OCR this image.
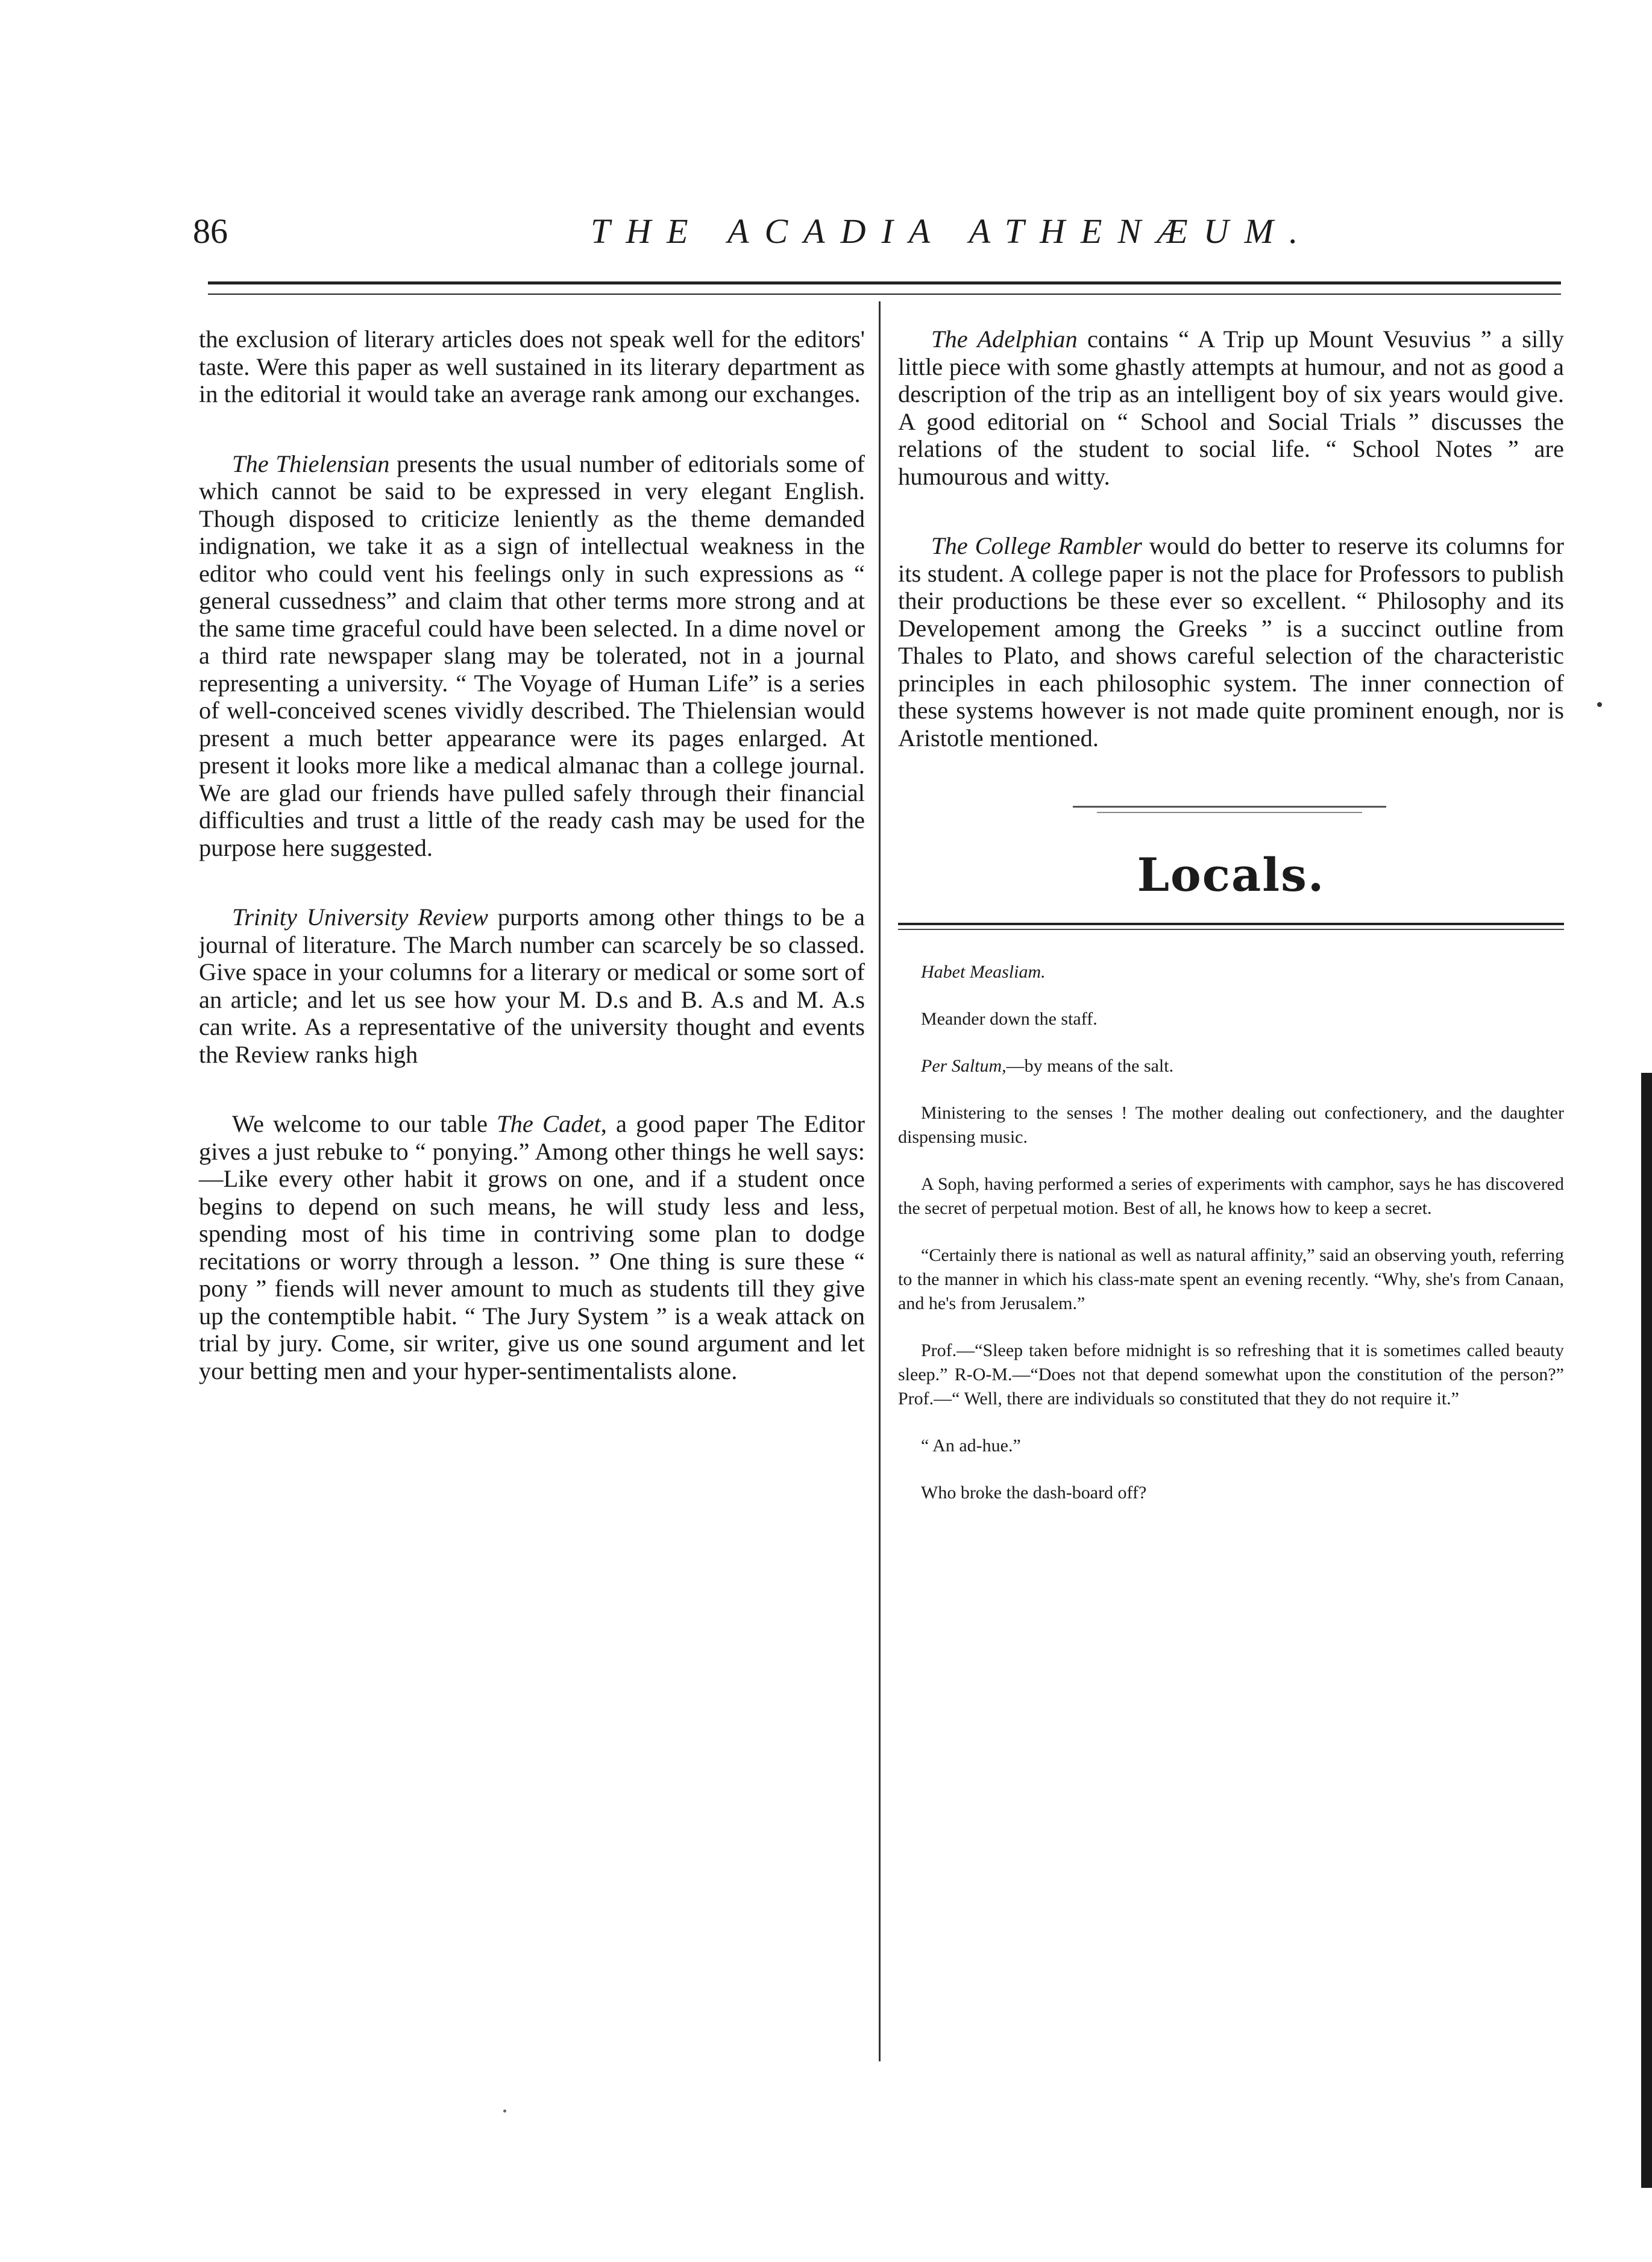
86	THE ACADIA ATHENÆUM.

the exclusion of literary articles does not speak well for the editors' taste. Were this paper as well sustained in its literary department as in the editorial it would take an average rank among our exchanges.

The Thielensian presents the usual number of editorials some of which cannot be said to be expressed in very elegant English. Though disposed to criticize leniently as the theme demanded indignation, we take it as a sign of intellectual weakness in the editor who could vent his feelings only in such expressions as “ general cussedness” and claim that other terms more strong and at the same time graceful could have been selected. In a dime novel or a third rate newspaper slang may be tolerated, not in a journal representing a university. “ The Voyage of Human Life” is a series of well-conceived scenes vividly described. The Thielensian would present a much better appearance were its pages enlarged. At present it looks more like a medical almanac than a college journal. We are glad our friends have pulled safely through their financial difficulties and trust a little of the ready cash may be used for the purpose here suggested.

Trinity University Review purports among other things to be a journal of literature. The March number can scarcely be so classed. Give space in your columns for a literary or medical or some sort of an article; and let us see how your M. D.s and B. A.s and M. A.s can write. As a representative of the university thought and events the Review ranks high

We welcome to our table The Cadet, a good paper The Editor gives a just rebuke to “ ponying.” Among other things he well says:—Like every other habit it grows on one, and if a student once begins to depend on such means, he will study less and less, spending most of his time in contriving some plan to dodge recitations or worry through a lesson. ” One thing is sure these “ pony ” fiends will never amount to much as students till they give up the contemptible habit. “ The Jury System ” is a weak attack on trial by jury. Come, sir writer, give us one sound argument and let your betting men and your hyper-sentimentalists alone.

The Adelphian contains “ A Trip up Mount Vesuvius ” a silly little piece with some ghastly attempts at humour, and not as good a description of the trip as an intelligent boy of six years would give. A good editorial on “ School and Social Trials ” discusses the relations of the student to social life. “ School Notes ” are humourous and witty.

The College Rambler would do better to reserve its columns for its student. A college paper is not the place for Professors to publish their productions be these ever so excellent. “ Philosophy and its Developement among the Greeks ” is a succinct outline from Thales to Plato, and shows careful selection of the characteristic principles in each philosophic system. The inner connection of these systems however is not made quite prominent enough, nor is Aristotle mentioned.

Locals.

Habet Measliam.

Meander down the staff.

Per Saltum,—by means of the salt.

Ministering to the senses ! The mother dealing out confectionery, and the daughter dispensing music.

A Soph, having performed a series of experiments with camphor, says he has discovered the secret of perpetual motion. Best of all, he knows how to keep a secret.

“Certainly there is national as well as natural affinity,” said an observing youth, referring to the manner in which his class-mate spent an evening recently. “Why, she's from Canaan, and he's from Jerusalem.”

Prof.—“Sleep taken before midnight is so refreshing that it is sometimes called beauty sleep.” R-O-M.—“Does not that depend somewhat upon the constitution of the person?” Prof.—“ Well, there are individuals so constituted that they do not require it.”

“ An ad-hue.”

Who broke the dash-board off?
